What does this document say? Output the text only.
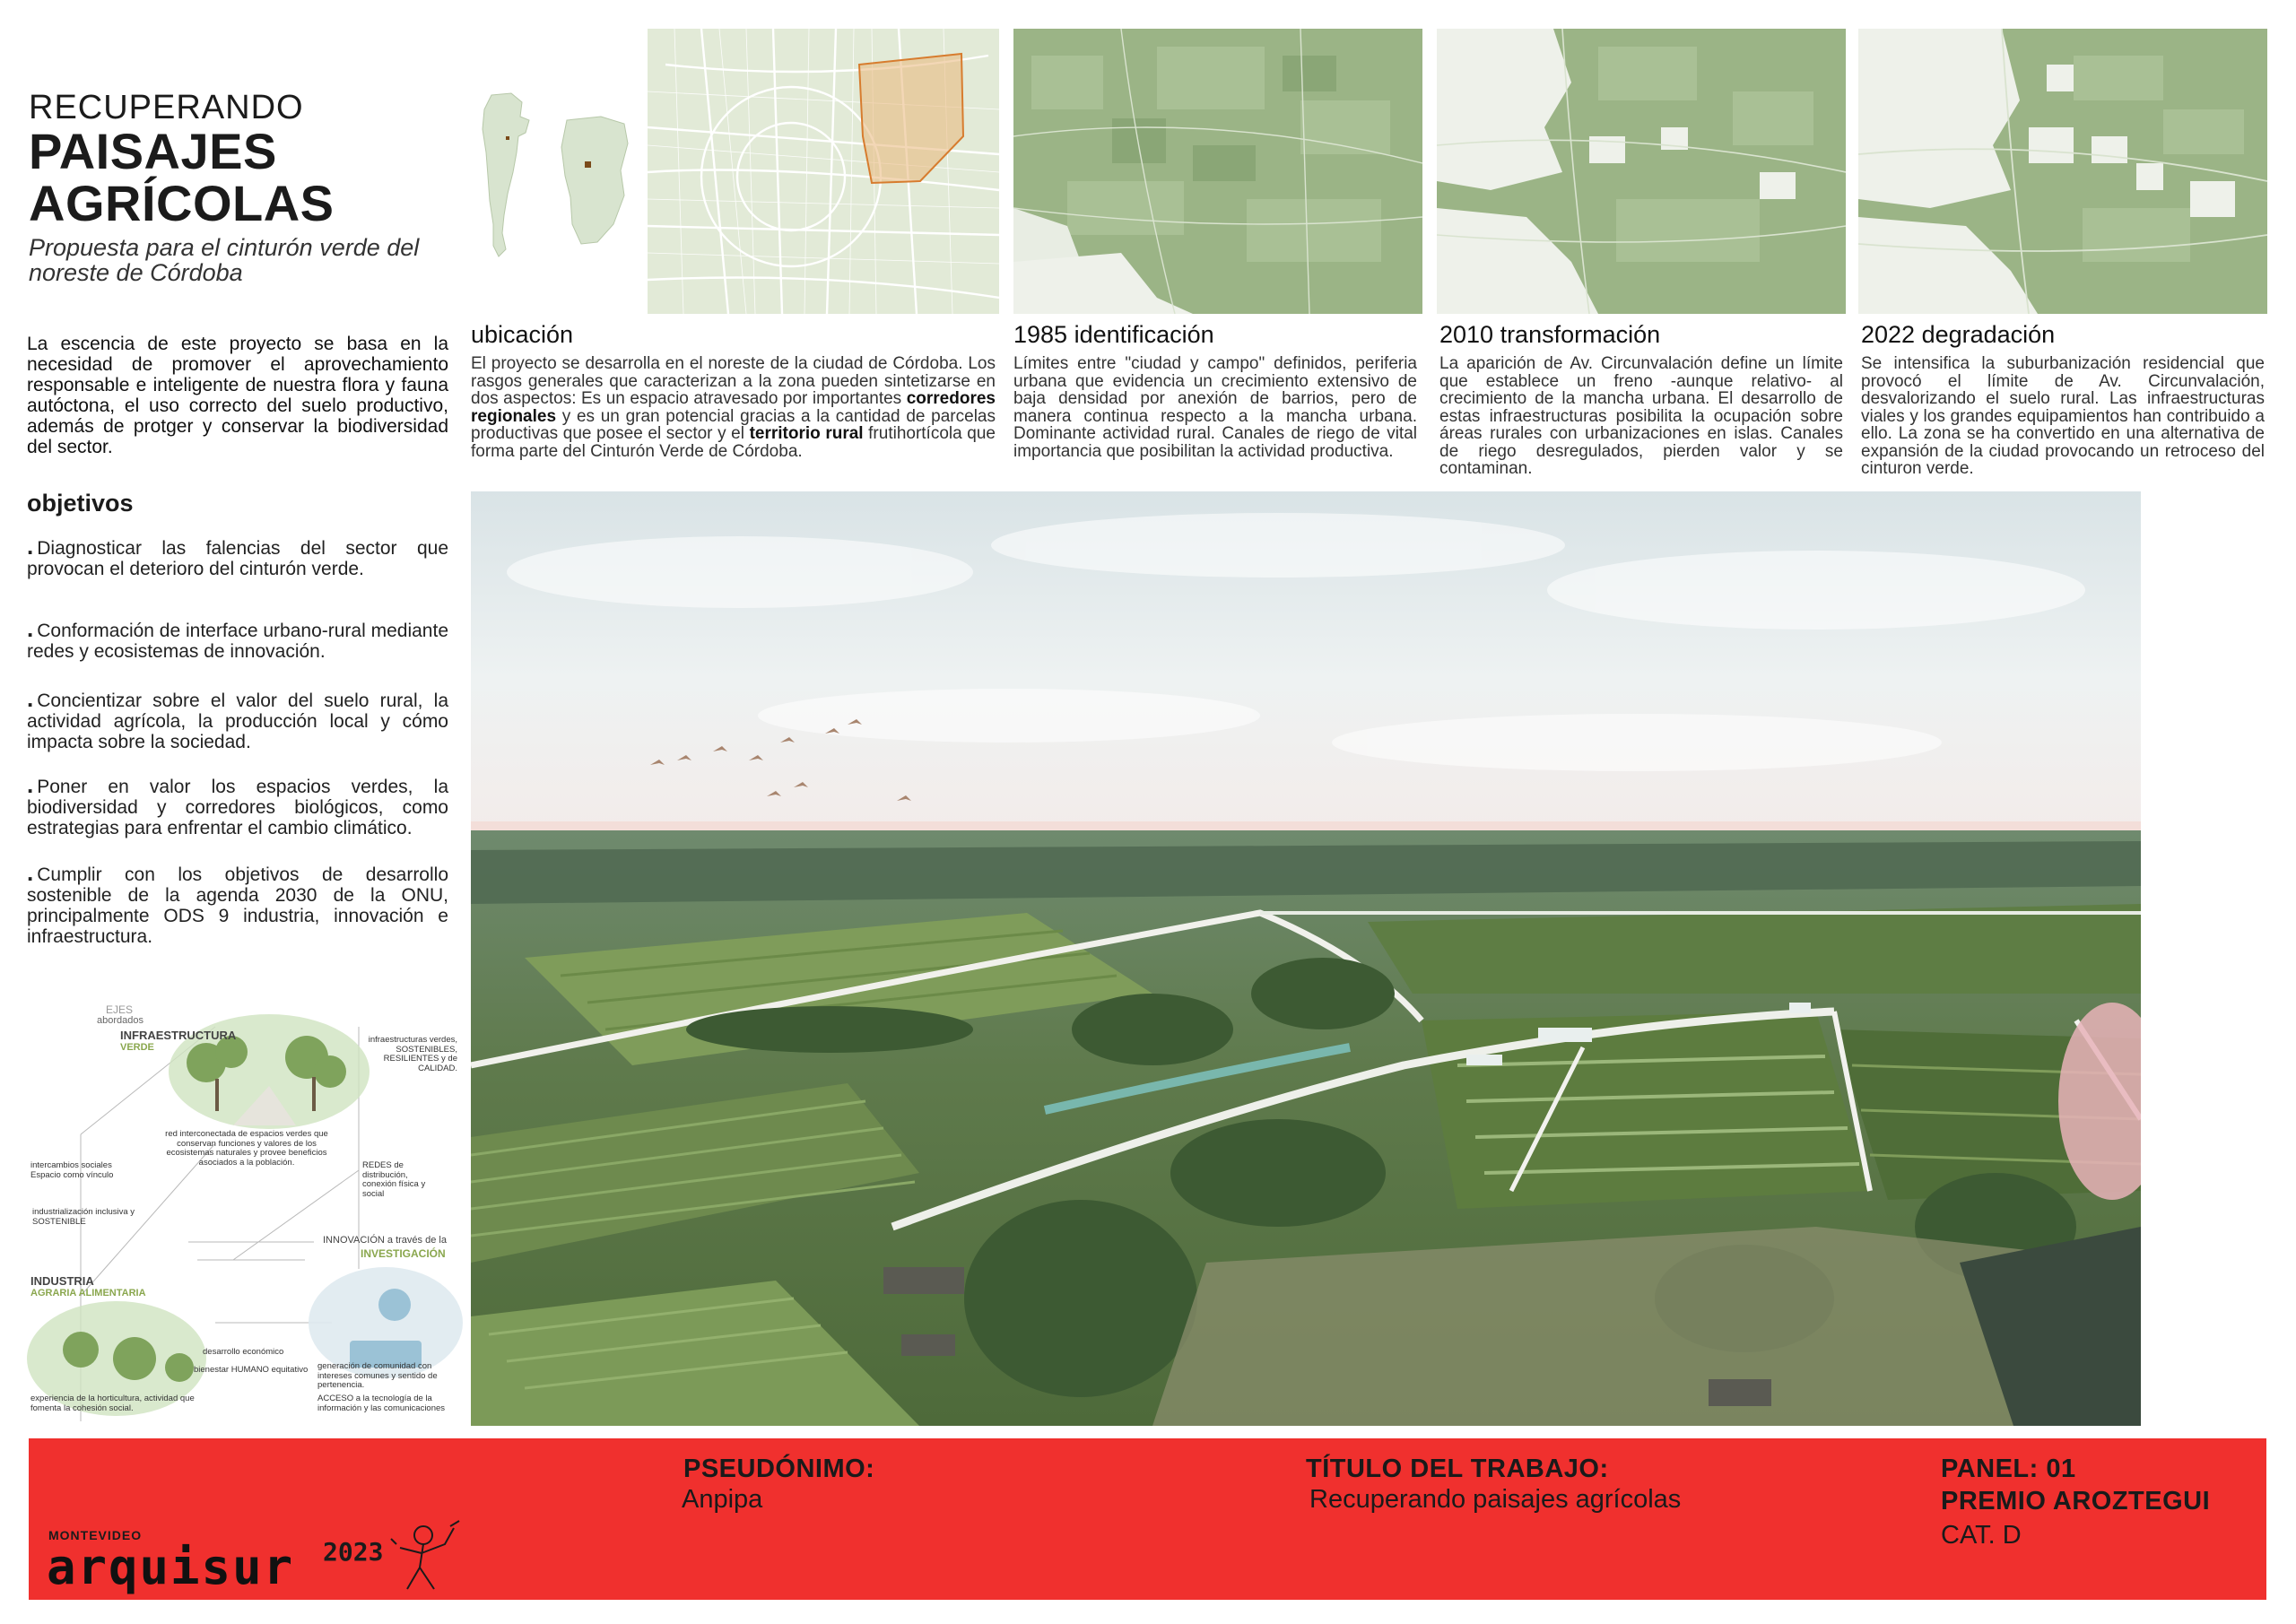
RECUPERANDO
PAISAJES AGRÍCOLAS
Propuesta para el cinturón verde del
noreste de Córdoba
ubicación

El proyecto se desarrolla en el noreste de la ciudad de Córdoba. Los rasgos generales que caracterizan a la zona pueden sintetizarse en dos aspectos: Es un espacio atravesado por importantes corredores regionales y es un gran potencial gracias a la cantidad de parcelas productivas que posee el sector y el territorio rural frutihortícola que forma parte del Cinturón Verde de Córdoba.

1985 identificación

Límites entre "ciudad y campo" definidos, periferia urbana que evidencia un crecimiento extensivo de baja densidad por anexión de barrios, pero de manera continua respecto a la mancha urbana. Dominante actividad rural. Canales de riego de vital importancia que posibilitan la actividad productiva.

2010 transformación

La aparición de Av. Circunvalación define un límite que establece un freno -aunque relativo- al crecimiento de la mancha urbana. El desarrollo de estas infraestructuras posibilita la ocupación sobre áreas rurales con urbanizaciones en islas. Canales de riego desregulados, pierden valor y se contaminan.

2022 degradación

Se intensifica la suburbanización residencial que provocó el límite de Av. Circunvalación, desvalorizando el suelo rural. Las infraestructuras viales y los grandes equipamientos han contribuido a ello. La zona se ha convertido en una alternativa de expansión de la ciudad provocando un retroceso del cinturon verde.

La escencia de este proyecto se basa en la necesidad de promover el aprovechamiento responsable e inteligente de nuestra flora y fauna autóctona, el uso correcto del suelo productivo, además de protger y conservar la biodiversidad del sector.
objetivos
. Diagnosticar las falencias del sector que provocan el deterioro del cinturón verde.
. Conformación de interface urbano-rural mediante redes y ecosistemas de innovación.
. Concientizar sobre el valor del suelo rural, la actividad agrícola, la producción local y cómo impacta sobre la sociedad.
. Poner en valor los espacios verdes, la biodiversidad y corredores biológicos, como estrategias para enfrentar el cambio climático.
. Cumplir con los objetivos de desarrollo sostenible de la agenda 2030 de la ONU, principalmente ODS 9 industria, innovación e infraestructura.
EJES
abordados
INFRAESTRUCTURA
VERDE
infraestructuras verdes, SOSTENIBLES, RESILIENTES y de CALIDAD.
red interconectada de espacios verdes que conservan funciones y valores de los ecosistemas naturales y provee beneficios asociados a la población.
intercambios sociales Espacio como vínculo
REDES de distribución, conexión física y social
industrialización inclusiva y SOSTENIBLE
INNOVACIÓN a través de la
INVESTIGACIÓN
INDUSTRIA
AGRARIA ALIMENTARIA
desarrollo económico
bienestar HUMANO equitativo generación de comunidad con intereses comunes y sentido de pertenencia.
experiencia de la horticultura, actividad que fomenta la cohesión social.
ACCESO a la tecnología de la información y las comunicaciones
PSEUDÓNIMO:
Anpipa
TÍTULO DEL TRABAJO:
Recuperando paisajes agrícolas
PANEL: 01
PREMIO AROZTEGUI
CAT. D
MONTEVIDEO
arquisur 2023
